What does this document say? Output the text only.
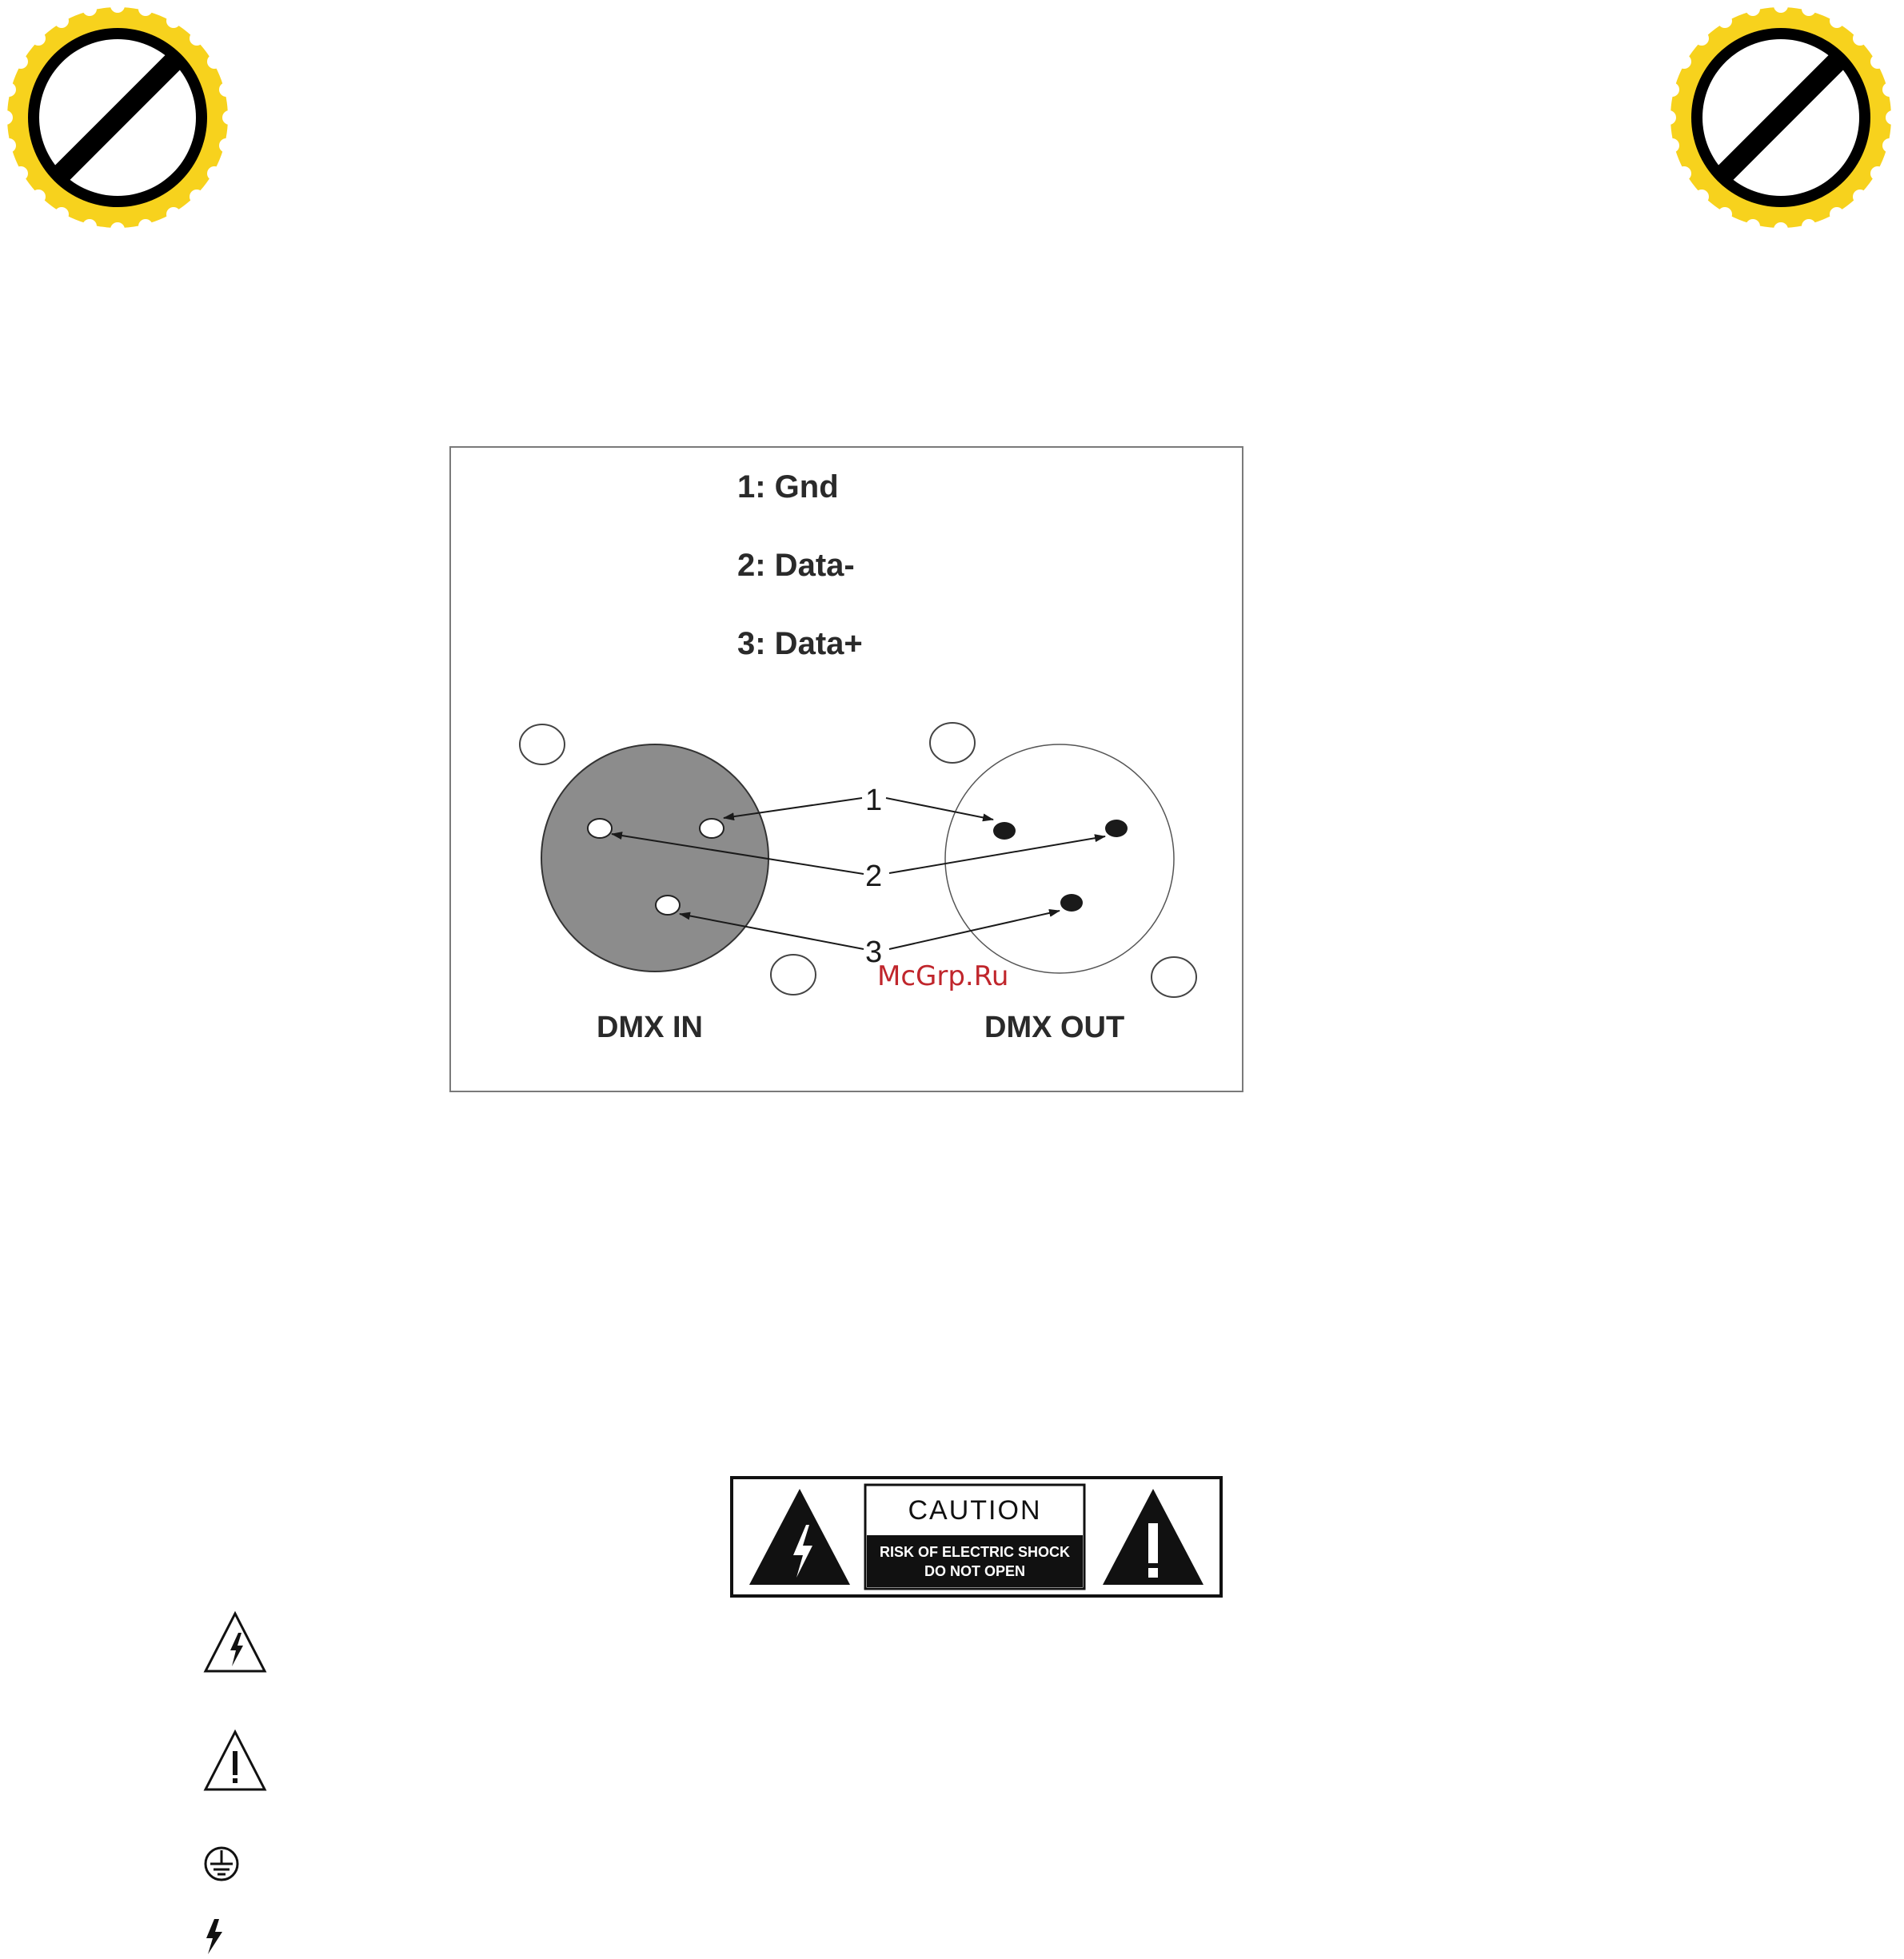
1: Gnd
2: Data-
3: Data+
1
2
3
McGrp.Ru
DMX IN	DMX OUT
CAUTION
RISK OF ELECTRIC SHOCK
DO NOT OPEN
